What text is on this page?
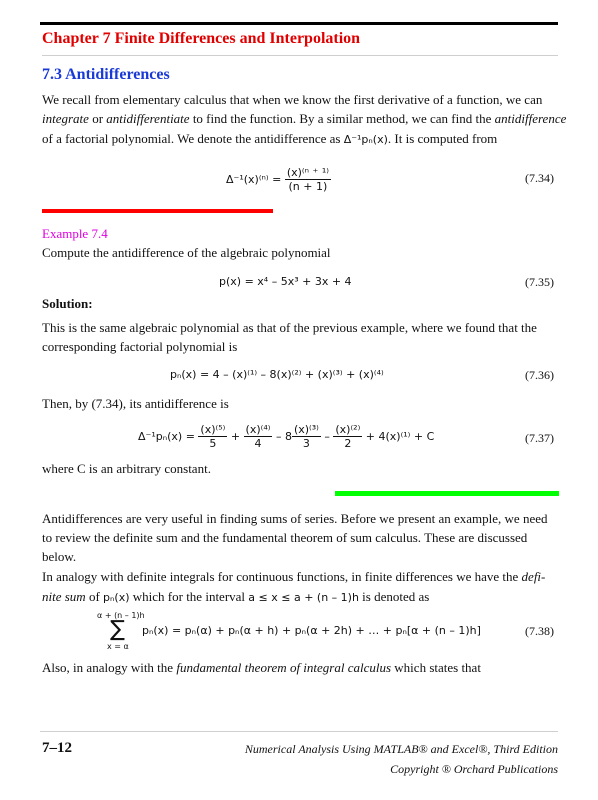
Chapter 7 Finite Differences and Interpolation
7.3 Antidifferences
We recall from elementary calculus that when we know the first derivative of a function, we can
integrate or antidifferentiate to find the function. By a similar method, we can find the antidifference
of a factorial polynomial. We denote the antidifference as Δ⁻¹pₙ(x). It is computed from
$\Delta^{-1}(x)^{(n)} = \frac{\text{(x)⁽ⁿ ⁺ ¹⁾}}{(n + 1)}$	(7.34)
Example 7.4
Compute the antidifference of the algebraic polynomial
p(x) = x⁴ – 5x³ + 3x + 4	(7.35)
Solution:
This is the same algebraic polynomial as that of the previous example, where we found that the
corresponding factorial polynomial is
pₙ(x) = 4 – (x)⁽¹⁾ – 8(x)⁽²⁾ + (x)⁽³⁾ + (x)⁽⁴⁾	(7.36)
Then, by (7.34), its antidifference is
$\Delta^{-1}p_n(x) = \frac{\text{(x)⁽⁵⁾}}{5} + \frac{\text{(x)⁽⁴⁾}}{4} - 8 \frac{\text{(x)⁽³⁾}}{3} - \frac{\text{(x)⁽²⁾}}{2} + 4(x)^{(1)} + C$	(7.37)
where C is an arbitrary constant.
Antidifferences are very useful in finding sums of series. Before we present an example, we need
to review the definite sum and the fundamental theorem of sum calculus. These are discussed
below.
In analogy with definite integrals for continuous functions, in finite differences we have the defi-
nite sum of pₙ(x) which for the interval a ≤ x ≤ a + (n – 1)h is denoted as
α + (n – 1)h
∑
x = α
pₙ(x) = pₙ(α) + pₙ(α + h) + pₙ(α + 2h) + … + pₙ[α + (n – 1)h]	(7.38)
Also, in analogy with the fundamental theorem of integral calculus which states that
7–12	Numerical Analysis Using MATLAB® and Excel®, Third Edition
Copyright ® Orchard Publications
